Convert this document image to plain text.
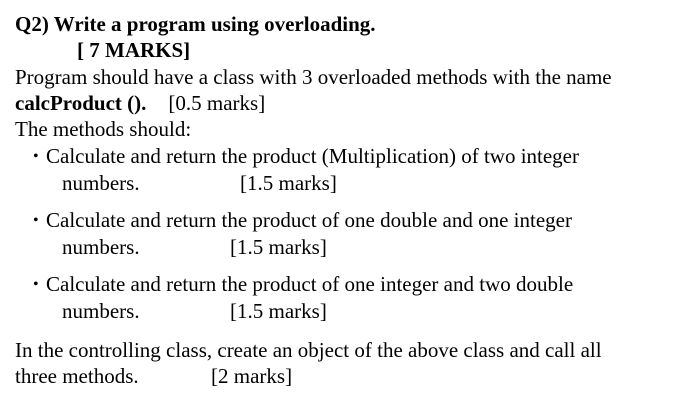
Q2) Write a program using overloading.
[ 7 MARKS]
Program should have a class with 3 overloaded methods with the name
calcProduct (). [0.5 marks]
The methods should:
• Calculate and return the product (Multiplication) of two integer
numbers.	[1.5 marks]
• Calculate and return the product of one double and one integer
numbers.	[1.5 marks]
• Calculate and return the product of one integer and two double
numbers.	[1.5 marks]
In the controlling class, create an object of the above class and call all
three methods.	[2 marks]
